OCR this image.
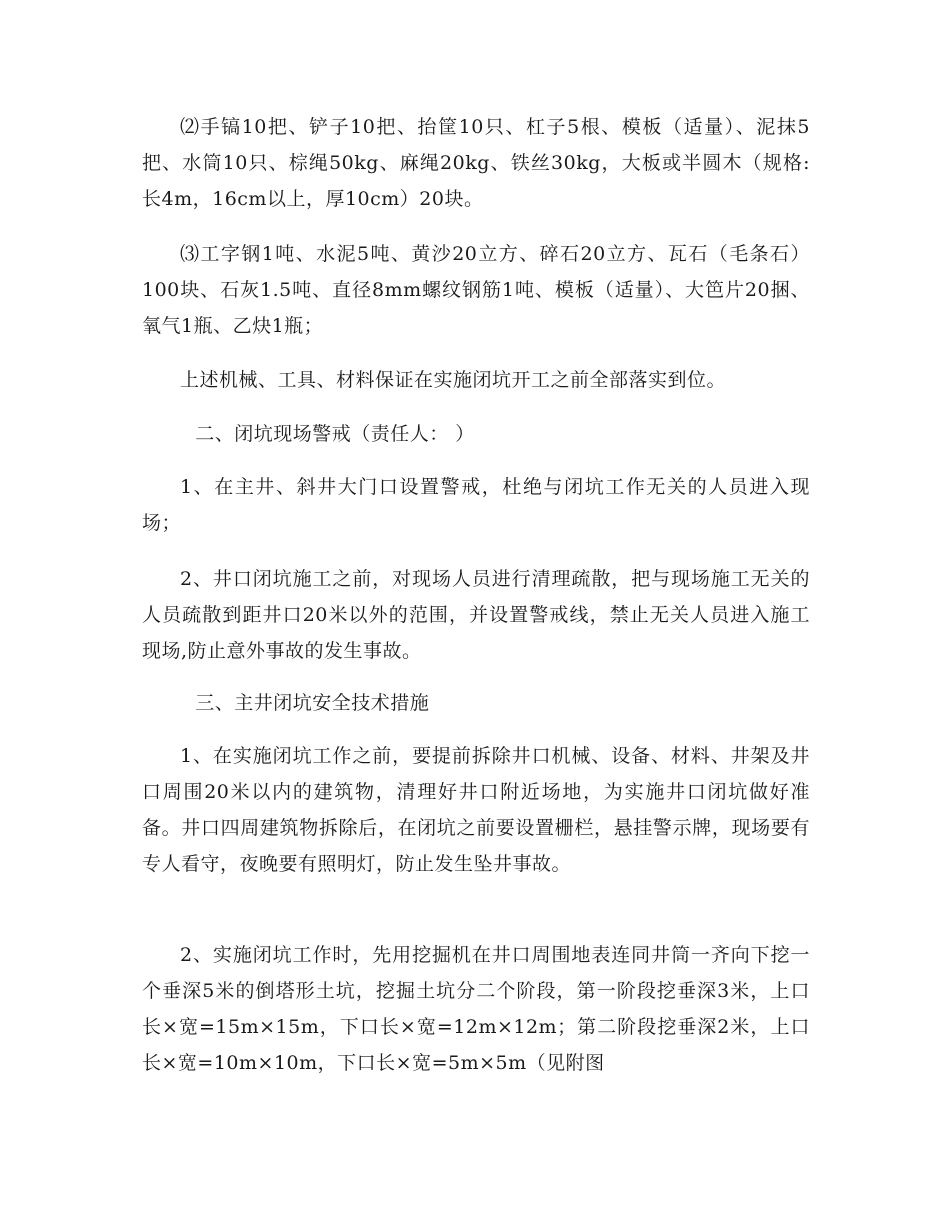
⑵手镐10把、铲子10把、抬筐10只、杠子5根、模板（适量）、泥抹5把、水筒10只、棕绳50kg、麻绳20kg、铁丝30kg，大板或半圆木（规格:长4m，16cm以上，厚10cm）20块。

⑶工字钢1吨、水泥5吨、黄沙20立方、碎石20立方、瓦石（毛条石）100块、石灰1.5吨、直径8mm螺纹钢筋1吨、模板（适量）、大笆片20捆、氧气1瓶、乙炔1瓶；

上述机械、工具、材料保证在实施闭坑开工之前全部落实到位。

二、闭坑现场警戒（责任人： ）

1、在主井、斜井大门口设置警戒，杜绝与闭坑工作无关的人员进入现场；

2、井口闭坑施工之前，对现场人员进行清理疏散，把与现场施工无关的人员疏散到距井口20米以外的范围，并设置警戒线，禁止无关人员进入施工现场,防止意外事故的发生事故。

三、主井闭坑安全技术措施

1、在实施闭坑工作之前，要提前拆除井口机械、设备、材料、井架及井口周围20米以内的建筑物，清理好井口附近场地，为实施井口闭坑做好准备。井口四周建筑物拆除后，在闭坑之前要设置栅栏，悬挂警示牌，现场要有专人看守，夜晚要有照明灯，防止发生坠井事故。

2、实施闭坑工作时，先用挖掘机在井口周围地表连同井筒一齐向下挖一个垂深5米的倒塔形土坑，挖掘土坑分二个阶段，第一阶段挖垂深3米，上口长×宽=15m×15m，下口长×宽=12m×12m；第二阶段挖垂深2米，上口长×宽=10m×10m，下口长×宽=5m×5m（见附图
